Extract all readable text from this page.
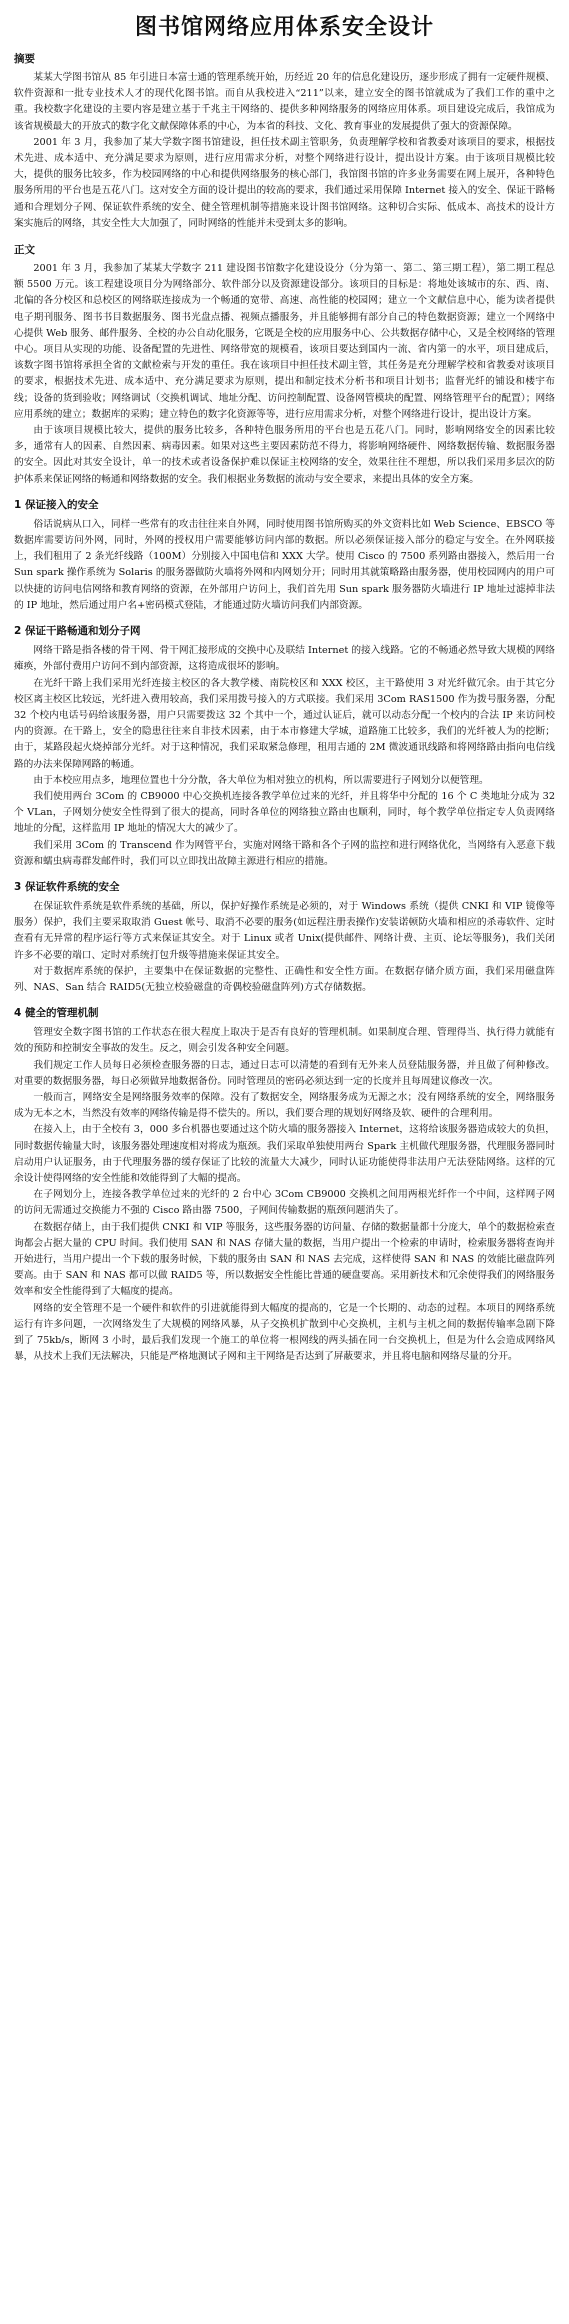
图书馆网络应用体系安全设计
摘要

某某大学图书馆从 85 年引进日本富士通的管理系统开始，历经近 20 年的信息化建设历，逐步形成了拥有一定硬件规模、软件资源和一批专业技术人才的现代化图书馆。而自从我校进入“211”以来，建立安全的图书馆就成为了我们工作的重中之重。我校数字化建设的主要内容是建立基于千兆主干网络的、提供多种网络服务的网络应用体系。项目建设完成后，我馆成为该省规模最大的开放式的数字化文献保障体系的中心，为本省的科技、文化、教育事业的发展提供了强大的资源保障。

2001 年 3 月，我参加了某大学数字图书馆建设，担任技术副主管职务，负责理解学校和省教委对该项目的要求，根据技术先进、成本适中、充分满足要求为原则，进行应用需求分析，对整个网络进行设计，提出设计方案。由于该项目规模比较大，提供的服务比较多，作为校园网络的中心和提供网络服务的核心部门，我馆图书馆的许多业务需要在网上展开，各种特色服务所用的平台也是五花八门。这对安全方面的设计提出的较高的要求，我们通过采用保障 Internet 接入的安全、保证干路畅通和合理划分子网、保证软件系统的安全、健全管理机制等措施来设计图书馆网络。这种切合实际、低成本、高技术的设计方案实施后的网络，其安全性大大加强了，同时网络的性能并未受到太多的影响。

正文

2001 年 3 月，我参加了某某大学数字 211 建设图书馆数字化建设设分（分为第一、第二、第三期工程），第二期工程总额 5500 万元。该工程建设项目分为网络部分、软件部分以及资源建设部分。该项目的目标是：将地处该城市的东、西、南、北偏的各分校区和总校区的网络联连接成为一个畅通的宽带、高速、高性能的校园网；建立一个文献信息中心，能为读者提供电子期刊服务、图书书目数据服务、图书光盘点播、视频点播服务，并且能够拥有部分自己的特色数据资源；建立一个网络中心提供 Web 服务、邮件服务、全校的办公自动化服务，它既是全校的应用服务中心、公共数据存储中心，又是全校网络的管理中心。项目从实现的功能、设备配置的先进性、网络带宽的规模看，该项目要达到国内一流、省内第一的水平，项目建成后，该数字图书馆将承担全省的文献检索与开发的重任。我在该项目中担任技术副主管，其任务是充分理解学校和省教委对该项目的要求，根据技术先进、成本适中、充分满足要求为原则，提出和制定技术分析书和项目计划书；监督光纤的铺设和楼宇布线；设备的货到验收；网络调试（交换机调试、地址分配、访问控制配置、设备网管模块的配置、网络管理平台的配置）；网络应用系统的建立；数据库的采购；建立特色的数字化资源等等，进行应用需求分析，对整个网络进行设计，提出设计方案。

由于该项目规模比较大，提供的服务比较多，各种特色服务所用的平台也是五花八门。同时，影响网络安全的因素比较多，通常有人的因素、自然因素、病毒因素。如果对这些主要因素防范不得力，将影响网络硬件、网络数据传输、数据服务器的安全。因此对其安全设计，单一的技术或者设备保护难以保证主校网络的安全，效果往往不理想，所以我们采用多层次的防护体系来保证网络的畅通和网络数据的安全。我们根据业务数据的流动与安全要求，来提出具体的安全方案。

1 保证接入的安全

俗话说病从口入，同样一些常有的攻击往往来自外网，同时使用图书馆所购买的外文资料比如 Web Science、EBSCO 等数据库需要访问外网，同时，外网的授权用户需要能够访问内部的数据。所以必须保证接入部分的稳定与安全。在外网联接上，我们租用了 2 条光纤线路（100M）分别接入中国电信和 XXX 大学。使用 Cisco 的 7500 系列路由器接入，然后用一台 Sun spark 操作系统为 Solaris 的服务器做防火墙将外网和内网划分开；同时用其就策略路由服务器，使用校园网内的用户可以快捷的访问电信网络和教育网络的资源，在外部用户访问上，我们首先用 Sun spark 服务器防火墙进行 IP 地址过滤掉非法的 IP 地址，然后通过用户名+密码模式登陆，才能通过防火墙访问我们内部资源。

2 保证干路畅通和划分子网

网络干路是指各楼的骨干网、骨干网汇接形成的交换中心及联结 Internet 的接入线路。它的不畅通必然导致大规模的网络瘫痪，外部付费用户访问不到内部资源，这将造成很坏的影响。

在光纤干路上我们采用光纤连接主校区的各大教学楼、南院校区和 XXX 校区，主干路使用 3 对光纤做冗余。由于其它分校区离主校区比较远，光纤进入费用较高，我们采用拨号接入的方式联接。我们采用 3Com RAS1500 作为拨号服务器，分配 32 个校内电话号码给该服务器，用户只需要拨这 32 个其中一个，通过认证后，就可以动态分配一个校内的合法 IP 来访问校内的资源。在干路上，安全的隐患往往来自非技术因素，由于本市修建大学城，道路施工比较多，我们的光纤被人为的挖断；由于，某路段起火烧掉部分光纤。对于这种情况，我们采取紧急修理，租用吉通的 2M 微波通讯线路和将网络路由指向电信线路的办法来保障网路的畅通。

由于本校应用点多，地理位置也十分分散，各大单位为相对独立的机构，所以需要进行子网划分以便管理。

我们使用两台 3Com 的 CB9000 中心交换机连接各教学单位过来的光纤，并且将华中分配的 16 个 C 类地址分成为 32 个 VLan，子网划分使安全性得到了很大的提高，同时各单位的网络独立路由也顺利，同时，每个教学单位指定专人负责网络地址的分配，这样监用 IP 地址的情况大大的减少了。

我们采用 3Com 的 Transcend 作为网管平台，实施对网络干路和各个子网的监控和进行网络优化，当网络有入恶意下载资源和蠕虫病毒群发邮件时，我们可以立即找出故障主源进行相应的措施。

3 保证软件系统的安全

在保证软件系统是软件系统的基础，所以，保护好操作系统是必须的，对于 Windows 系统（提供 CNKI 和 VIP 镜像等服务）保护，我们主要采取取消 Guest 帐号、取消不必要的服务(如远程注册表操作)安装诺顿防火墙和相应的杀毒软件、定时查看有无异常的程序运行等方式来保证其安全。对于 Linux 或者 Unix(提供邮件、网络计费、主页、论坛等服务)，我们关闭许多不必要的端口、定时对系统打包升级等措施来保证其安全。

对于数据库系统的保护，主要集中在保证数据的完整性、正确性和安全性方面。在数据存储介质方面，我们采用磁盘阵列、NAS、San 结合 RAID5(无独立校验磁盘的奇偶校验磁盘阵列)方式存储数据。

4 健全的管理机制

管理安全数字图书馆的工作状态在很大程度上取决于是否有良好的管理机制。如果制度合理、管理得当、执行得力就能有效的预防和控制安全事故的发生。反之，则会引发各种安全问题。

我们规定工作人员每日必须检查服务器的日志，通过日志可以清楚的看到有无外来人员登陆服务器，并且做了何种修改。对重要的数据服务器，每日必须做异地数据备份。同时管理员的密码必须达到一定的长度并且每周建议修改一次。

一般而言，网络安全是网络服务效率的保障。没有了数据安全，网络服务成为无源之水；没有网络系统的安全，网络服务成为无本之木，当然没有效率的网络传输是得不偿失的。所以，我们要合理的规划好网络及软、硬件的合理利用。

在接入上，由于全校有 3，000 多台机器也要通过这个防火墙的服务器接入 Internet，这将给该服务器造成较大的负担，同时数据传输量大时，该服务器处理速度相对将成为瓶颈。我们采取单独使用两台 Spark 主机做代理服务器，代理服务器同时启动用户认证服务，由于代理服务器的缓存保证了比较的流量大大减少，同时认证功能使得非法用户无法登陆网络。这样的冗余设计使得网络的安全性能和效能得到了大幅的提高。

在子网划分上，连接各教学单位过来的光纤的 2 台中心 3Com CB9000 交换机之间用两根光纤作一个中间，这样网子网的访问无需通过交换能力不强的 Cisco 路由器 7500，子网间传输数据的瓶颈问题消失了。

在数据存储上，由于我们提供 CNKI 和 VIP 等服务，这些服务器的访问量、存储的数据量都十分庞大，单个的数据检索查询都会占据大量的 CPU 时间。我们使用 SAN 和 NAS 存储大量的数据，当用户提出一个检索的申请时，检索服务器将查询并开始进行，当用户提出一个下载的服务时候，下载的服务由 SAN 和 NAS 去完成，这样使得 SAN 和 NAS 的效能比磁盘阵列要高。由于 SAN 和 NAS 都可以做 RAID5 等，所以数据安全性能比普通的硬盘要高。采用新技术和冗余使得我们的网络服务效率和安全性能得到了大幅度的提高。

网络的安全管理不是一个硬件和软件的引进就能得到大幅度的提高的，它是一个长期的、动态的过程。本项目的网络系统运行有许多问题，一次网络发生了大规模的网络风暴，从子交换机扩散到中心交换机，主机与主机之间的数据传输率急剧下降到了 75kb/s，断网 3 小时，最后我们发现一个施工的单位将一根网线的两头插在同一台交换机上，但是为什么会造成网络风暴，从技术上我们无法解决，只能是严格地测试子网和主干网络是否达到了屏蔽要求，并且将电脑和网络尽量的分开。
